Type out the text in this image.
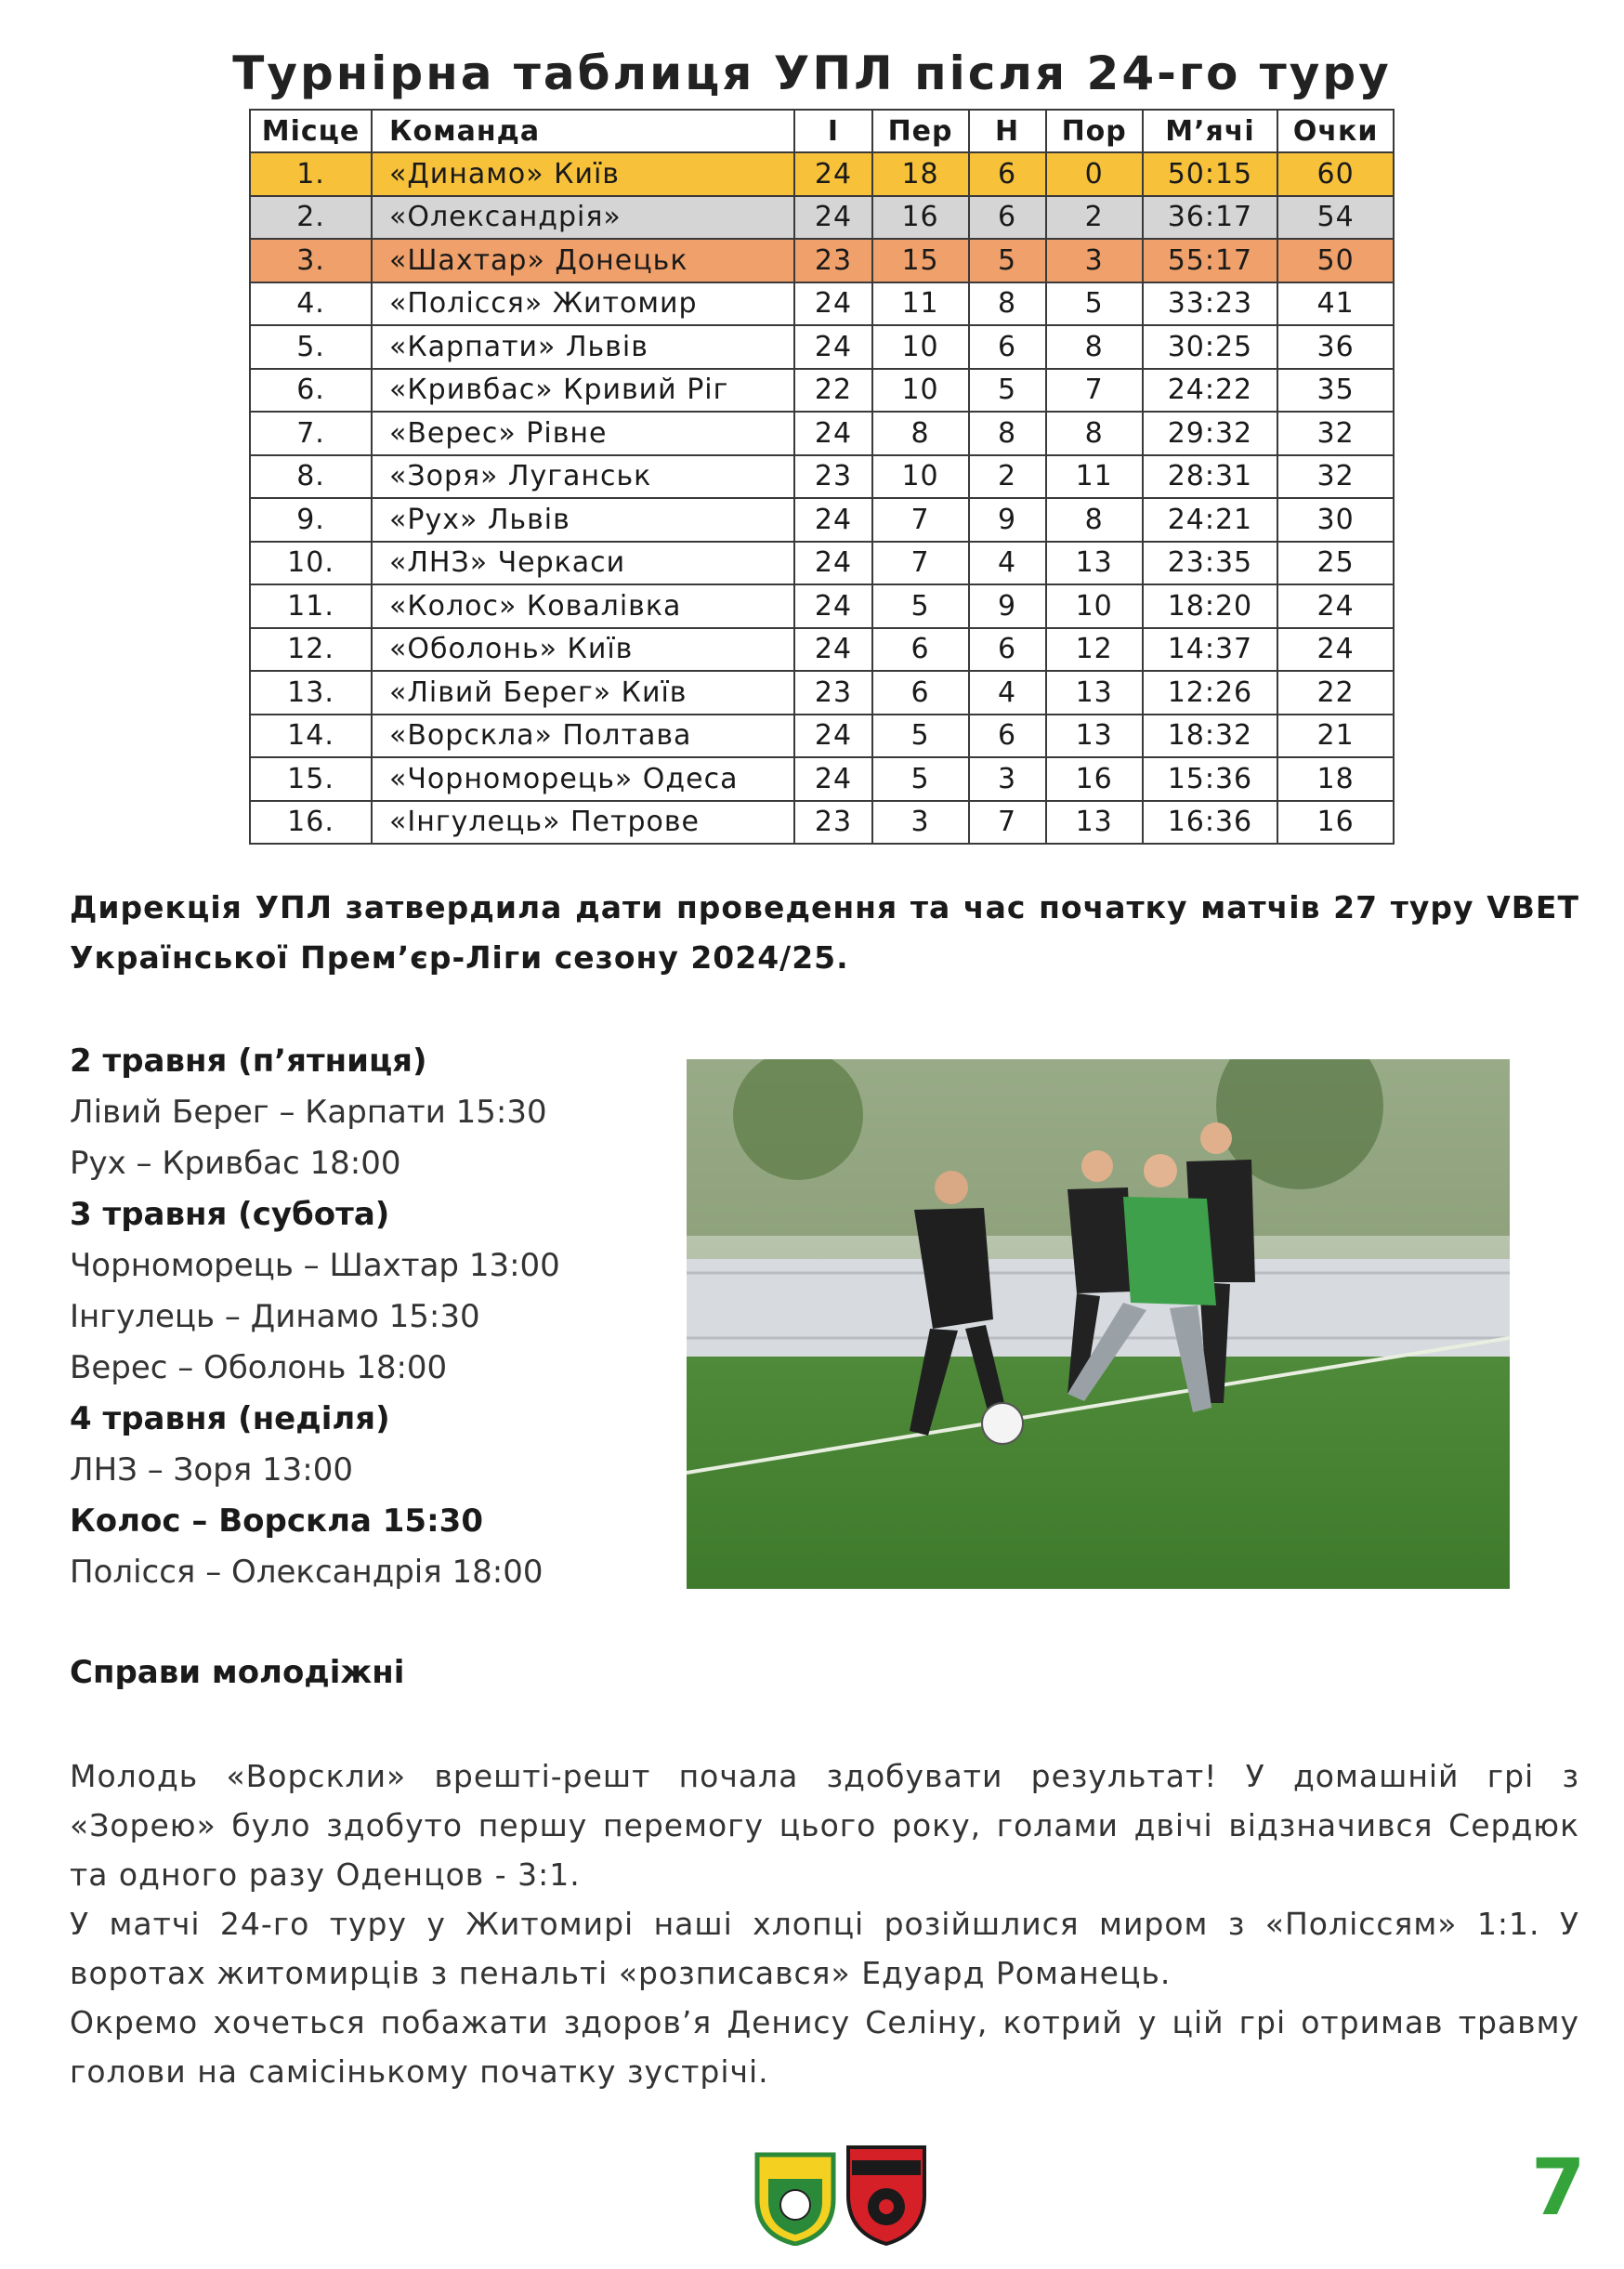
Турнірна таблиця УПЛ після 24-го туру
Місце	Команда	І	Пер	Н	Пор	М’ячі	Очки
1.	«Динамо» Київ	24	18	6	0	50:15	60
2.	«Олександрія»	24	16	6	2	36:17	54
3.	«Шахтар» Донецьк	23	15	5	3	55:17	50
4.	«Полісся» Житомир	24	11	8	5	33:23	41
5.	«Карпати» Львів	24	10	6	8	30:25	36
6.	«Кривбас» Кривий Ріг	22	10	5	7	24:22	35
7.	«Верес» Рівне	24	8	8	8	29:32	32
8.	«Зоря» Луганськ	23	10	2	11	28:31	32
9.	«Рух» Львів	24	7	9	8	24:21	30
10.	«ЛНЗ» Черкаси	24	7	4	13	23:35	25
11.	«Колос» Ковалівка	24	5	9	10	18:20	24
12.	«Оболонь» Київ	24	6	6	12	14:37	24
13.	«Лівий Берег» Київ	23	6	4	13	12:26	22
14.	«Ворскла» Полтава	24	5	6	13	18:32	21
15.	«Чорноморець» Одеса	24	5	3	16	15:36	18
16.	«Інгулець» Петрове	23	3	7	13	16:36	16
Дирекція УПЛ затвердила дати проведення та час початку матчів 27 туру VBET Української Прем’єр-Ліги сезону 2024/25.
2 травня (п’ятниця)
Лівий Берег – Карпати 15:30
Рух – Кривбас 18:00
3 травня (субота)
Чорноморець – Шахтар 13:00
Інгулець – Динамо 15:30
Верес – Оболонь 18:00
4 травня (неділя)
ЛНЗ – Зоря 13:00
Колос – Ворскла 15:30
Полісся – Олександрія 18:00
Справи молодіжні

Молодь «Ворскли» врешті-решт почала здобувати результат! У домашній грі з «Зорею» було здобуто першу перемогу цього року, голами двічі відзначився Сердюк та одного разу Оденцов - 3:1.

У матчі 24-го туру у Житомирі наші хлопці розійшлися миром з «Поліссям» 1:1. У воротах житомирців з пенальті «розписався» Едуард Романець.

Окремо хочеться побажати здоров’я Денису Селіну, котрий у цій грі отримав травму голови на самісінькому початку зустрічі.

7
